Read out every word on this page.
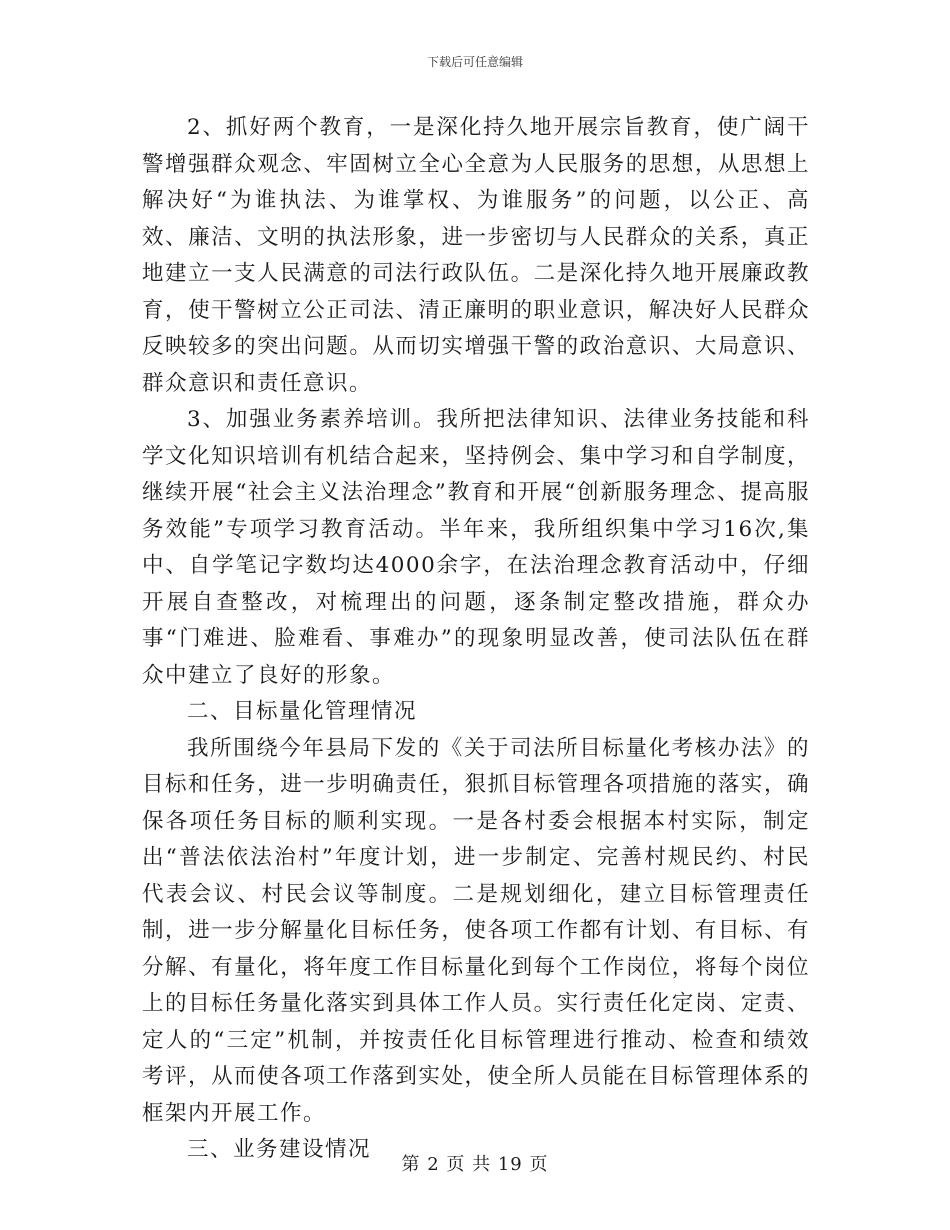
下载后可任意编辑

2、抓好两个教育，一是深化持久地开展宗旨教育，使广阔干警增强群众观念、牢固树立全心全意为人民服务的思想，从思想上解决好“为谁执法、为谁掌权、为谁服务”的问题，以公正、高效、廉洁、文明的执法形象，进一步密切与人民群众的关系，真正地建立一支人民满意的司法行政队伍。二是深化持久地开展廉政教育，使干警树立公正司法、清正廉明的职业意识，解决好人民群众反映较多的突出问题。从而切实增强干警的政治意识、大局意识、群众意识和责任意识。

3、加强业务素养培训。我所把法律知识、法律业务技能和科学文化知识培训有机结合起来，坚持例会、集中学习和自学制度，继续开展“社会主义法治理念”教育和开展“创新服务理念、提高服务效能”专项学习教育活动。半年来，我所组织集中学习16次,集中、自学笔记字数均达4000余字，在法治理念教育活动中，仔细开展自查整改，对梳理出的问题，逐条制定整改措施，群众办事“门难进、脸难看、事难办”的现象明显改善，使司法队伍在群众中建立了良好的形象。

二、目标量化管理情况

我所围绕今年县局下发的《关于司法所目标量化考核办法》的目标和任务，进一步明确责任，狠抓目标管理各项措施的落实，确保各项任务目标的顺利实现。一是各村委会根据本村实际，制定出“普法依法治村”年度计划，进一步制定、完善村规民约、村民代表会议、村民会议等制度。二是规划细化，建立目标管理责任制，进一步分解量化目标任务，使各项工作都有计划、有目标、有分解、有量化，将年度工作目标量化到每个工作岗位，将每个岗位上的目标任务量化落实到具体工作人员。实行责任化定岗、定责、定人的“三定”机制，并按责任化目标管理进行推动、检查和绩效考评，从而使各项工作落到实处，使全所人员能在目标管理体系的框架内开展工作。

三、业务建设情况

第 2 页 共 19 页
